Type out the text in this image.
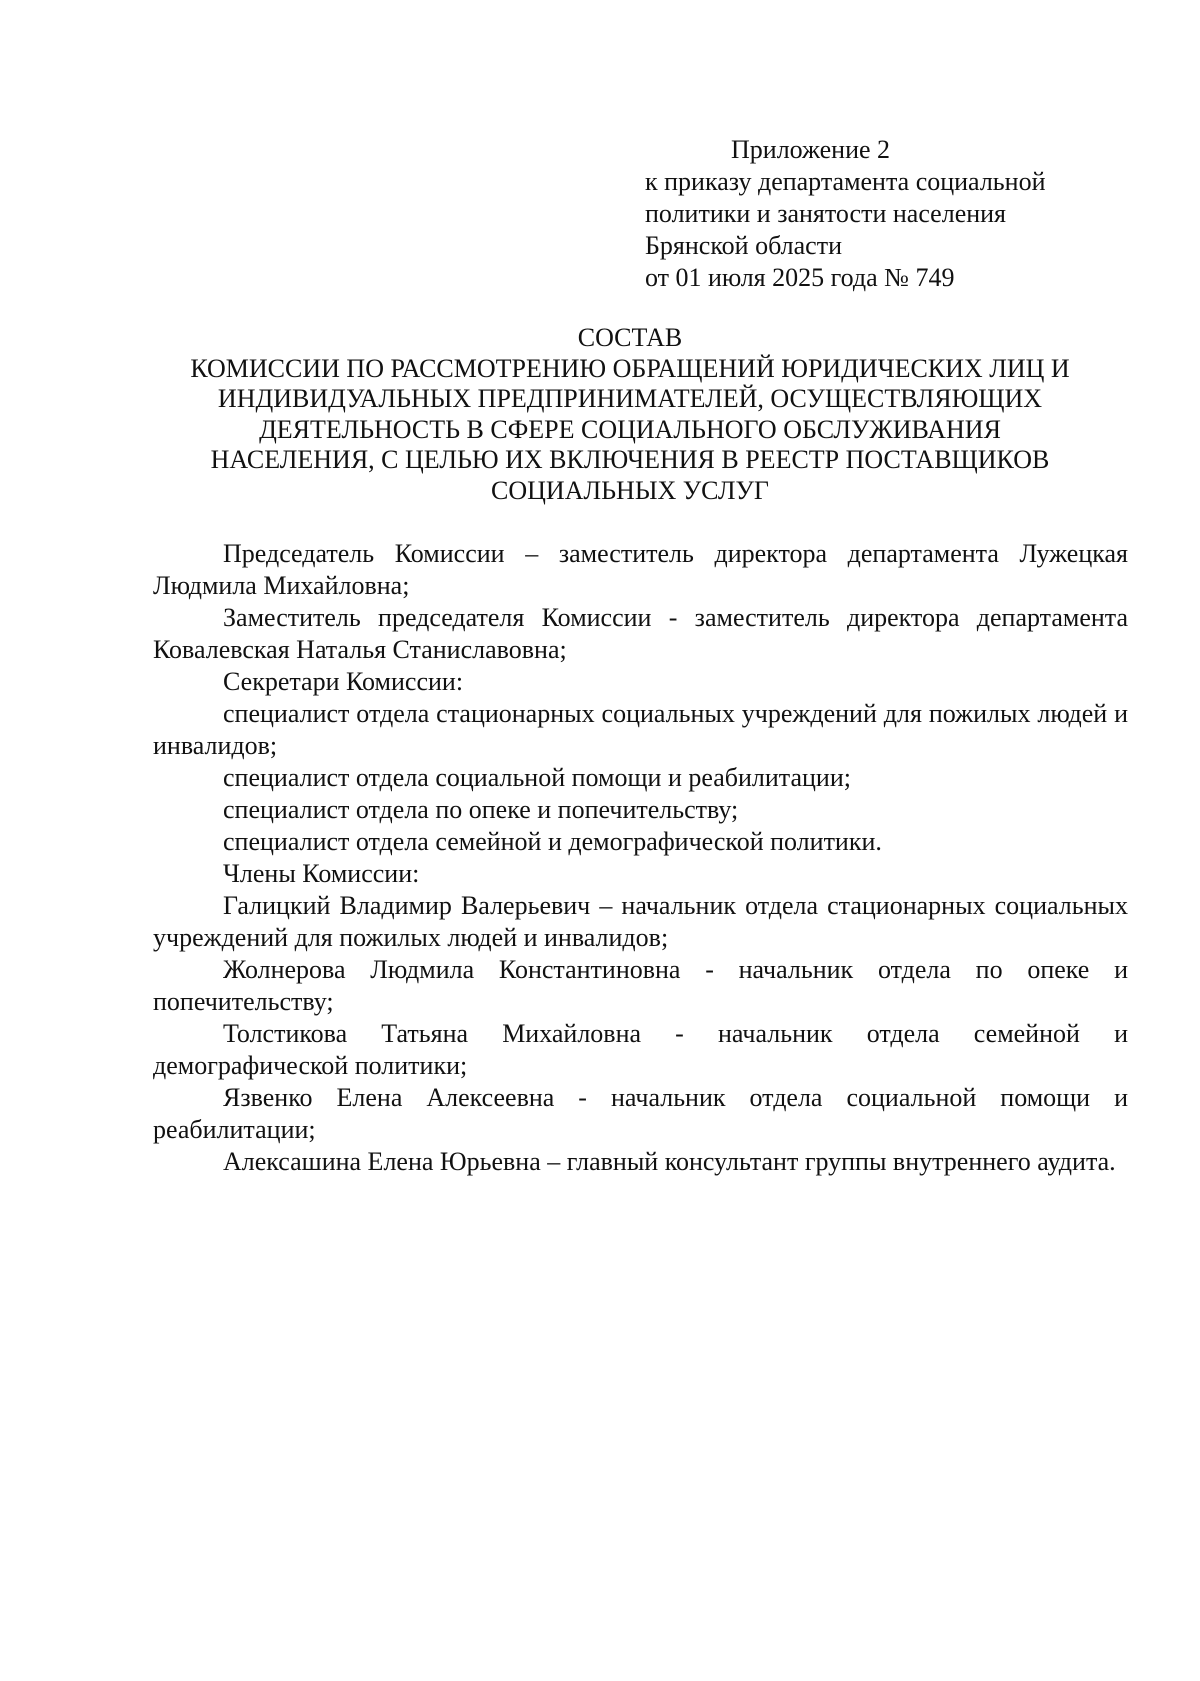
Приложение 2
к приказу департамента социальной
политики и занятости населения
Брянской области
от 01 июля 2025 года № 749
СОСТАВ
КОМИССИИ ПО РАССМОТРЕНИЮ ОБРАЩЕНИЙ ЮРИДИЧЕСКИХ ЛИЦ И
ИНДИВИДУАЛЬНЫХ ПРЕДПРИНИМАТЕЛЕЙ, ОСУЩЕСТВЛЯЮЩИХ
ДЕЯТЕЛЬНОСТЬ В СФЕРЕ СОЦИАЛЬНОГО ОБСЛУЖИВАНИЯ
НАСЕЛЕНИЯ, С ЦЕЛЬЮ ИХ ВКЛЮЧЕНИЯ В РЕЕСТР ПОСТАВЩИКОВ
СОЦИАЛЬНЫХ УСЛУГ

Председатель Комиссии – заместитель директора департамента Лужецкая Людмила Михайловна;

Заместитель председателя Комиссии - заместитель директора департамента Ковалевская Наталья Станиславовна;

Секретари Комиссии:

специалист отдела стационарных социальных учреждений для пожилых людей и инвалидов;

специалист отдела социальной помощи и реабилитации;

специалист отдела по опеке и попечительству;

специалист отдела семейной и демографической политики.

Члены Комиссии:

Галицкий Владимир Валерьевич – начальник отдела стационарных социальных учреждений для пожилых людей и инвалидов;

Жолнерова Людмила Константиновна - начальник отдела по опеке и попечительству;

Толстикова Татьяна Михайловна - начальник отдела семейной и демографической политики;

Язвенко Елена Алексеевна - начальник отдела социальной помощи и реабилитации;

Алексашина Елена Юрьевна – главный консультант группы внутреннего аудита.
